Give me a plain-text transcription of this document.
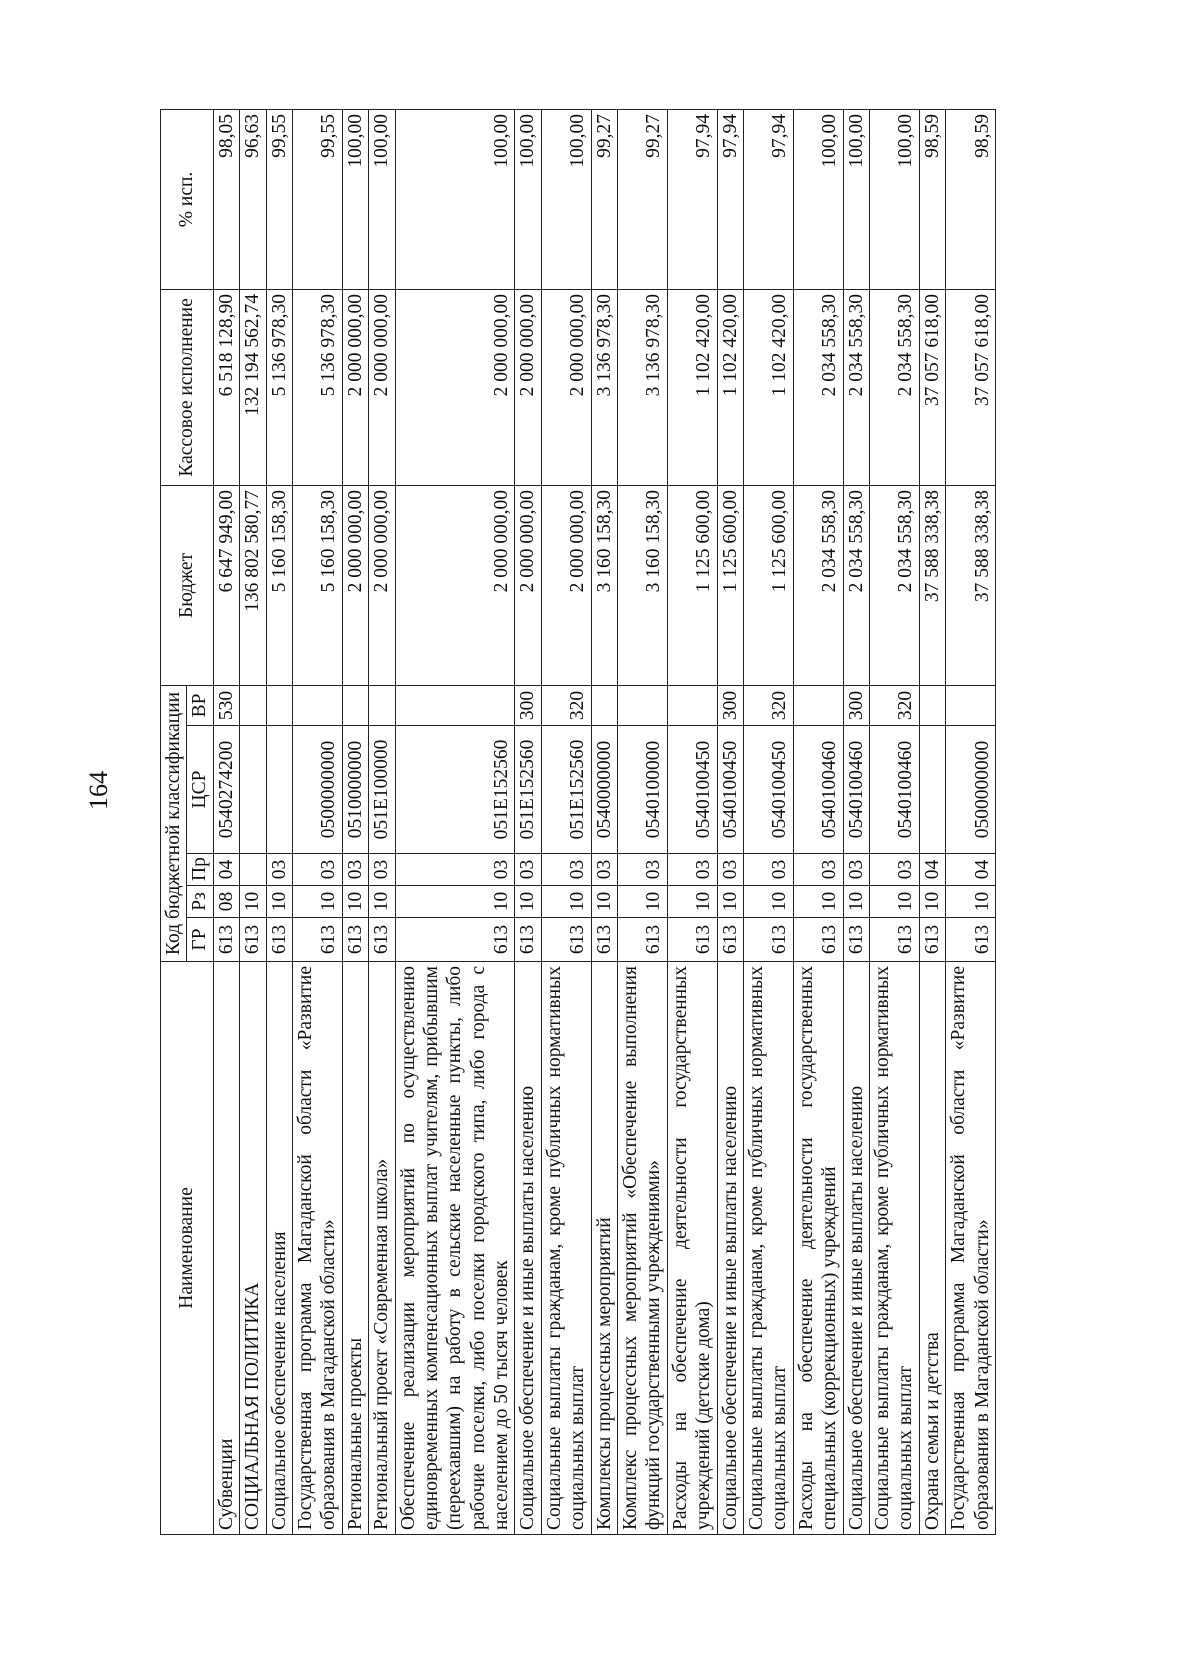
164
Наименование	Код бюджетной классификации					Бюджет	Кассовое исполнение	% исп.
	ГР	Рз	Пр	ЦСР	ВР			
Субвенции	613	08	04	0540274200	530	6 647 949,00	6 518 128,90	98,05
СОЦИАЛЬНАЯ ПОЛИТИКА	613	10				136 802 580,77	132 194 562,74	96,63
Социальное обеспечение населения	613	10	03			5 160 158,30	5 136 978,30	99,55
Государственная программа Магаданской области «Развитие образования в Магаданской области»	613	10	03	0500000000		5 160 158,30	5 136 978,30	99,55
Региональные проекты	613	10	03	0510000000		2 000 000,00	2 000 000,00	100,00
Региональный проект «Современная школа»	613	10	03	051E100000		2 000 000,00	2 000 000,00	100,00
Обеспечение реализации мероприятий по осуществлению единовременных компенсационных выплат учителям, прибывшим (переехавшим) на работу в сельские населенные пункты, либо рабочие поселки, либо поселки городского типа, либо города с населением до 50 тысяч человек	613	10	03	051E152560		2 000 000,00	2 000 000,00	100,00
Социальное обеспечение и иные выплаты населению	613	10	03	051E152560	300	2 000 000,00	2 000 000,00	100,00
Социальные выплаты гражданам, кроме публичных нормативных социальных выплат	613	10	03	051E152560	320	2 000 000,00	2 000 000,00	100,00
Комплексы процессных мероприятий	613	10	03	0540000000		3 160 158,30	3 136 978,30	99,27
Комплекс процессных мероприятий «Обеспечение выполнения функций государственными учреждениями»	613	10	03	0540100000		3 160 158,30	3 136 978,30	99,27
Расходы на обеспечение деятельности государственных учреждений (детские дома)	613	10	03	0540100450		1 125 600,00	1 102 420,00	97,94
Социальное обеспечение и иные выплаты населению	613	10	03	0540100450	300	1 125 600,00	1 102 420,00	97,94
Социальные выплаты гражданам, кроме публичных нормативных социальных выплат	613	10	03	0540100450	320	1 125 600,00	1 102 420,00	97,94
Расходы на обеспечение деятельности государственных специальных (коррекционных) учреждений	613	10	03	0540100460		2 034 558,30	2 034 558,30	100,00
Социальное обеспечение и иные выплаты населению	613	10	03	0540100460	300	2 034 558,30	2 034 558,30	100,00
Социальные выплаты гражданам, кроме публичных нормативных социальных выплат	613	10	03	0540100460	320	2 034 558,30	2 034 558,30	100,00
Охрана семьи и детства	613	10	04			37 588 338,38	37 057 618,00	98,59
Государственная программа Магаданской области «Развитие образования в Магаданской области»	613	10	04	0500000000		37 588 338,38	37 057 618,00	98,59
